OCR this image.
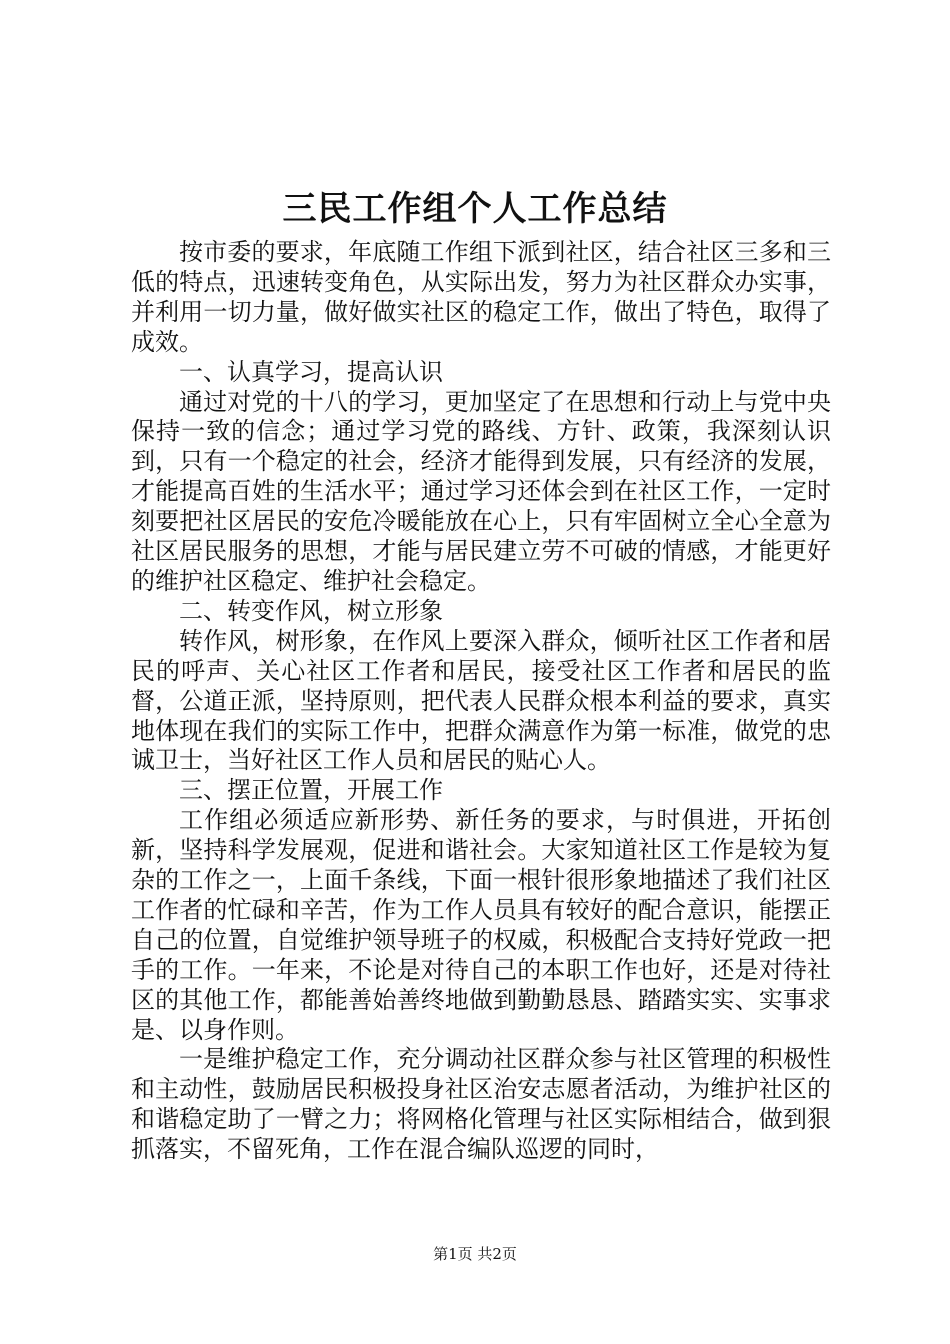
三民工作组个人工作总结

按市委的要求，年底随工作组下派到社区，结合社区三多和三低的特点，迅速转变角色，从实际出发，努力为社区群众办实事，并利用一切力量，做好做实社区的稳定工作，做出了特色，取得了成效。

一、认真学习，提高认识

通过对党的十八的学习，更加坚定了在思想和行动上与党中央保持一致的信念；通过学习党的路线、方针、政策，我深刻认识到，只有一个稳定的社会，经济才能得到发展，只有经济的发展，才能提高百姓的生活水平；通过学习还体会到在社区工作，一定时刻要把社区居民的安危冷暖能放在心上，只有牢固树立全心全意为社区居民服务的思想，才能与居民建立劳不可破的情感，才能更好的维护社区稳定、维护社会稳定。

二、转变作风，树立形象

转作风，树形象，在作风上要深入群众，倾听社区工作者和居民的呼声、关心社区工作者和居民，接受社区工作者和居民的监督，公道正派，坚持原则，把代表人民群众根本利益的要求，真实地体现在我们的实际工作中，把群众满意作为第一标准，做党的忠诚卫士，当好社区工作人员和居民的贴心人。

三、摆正位置，开展工作

工作组必须适应新形势、新任务的要求，与时俱进，开拓创新，坚持科学发展观，促进和谐社会。大家知道社区工作是较为复杂的工作之一，上面千条线，下面一根针很形象地描述了我们社区工作者的忙碌和辛苦，作为工作人员具有较好的配合意识，能摆正自己的位置，自觉维护领导班子的权威，积极配合支持好党政一把手的工作。一年来，不论是对待自己的本职工作也好，还是对待社区的其他工作，都能善始善终地做到勤勤恳恳、踏踏实实、实事求是、以身作则。

一是维护稳定工作，充分调动社区群众参与社区管理的积极性和主动性，鼓励居民积极投身社区治安志愿者活动，为维护社区的和谐稳定助了一臂之力；将网格化管理与社区实际相结合，做到狠抓落实，不留死角，工作在混合编队巡逻的同时，

第1页 共2页
